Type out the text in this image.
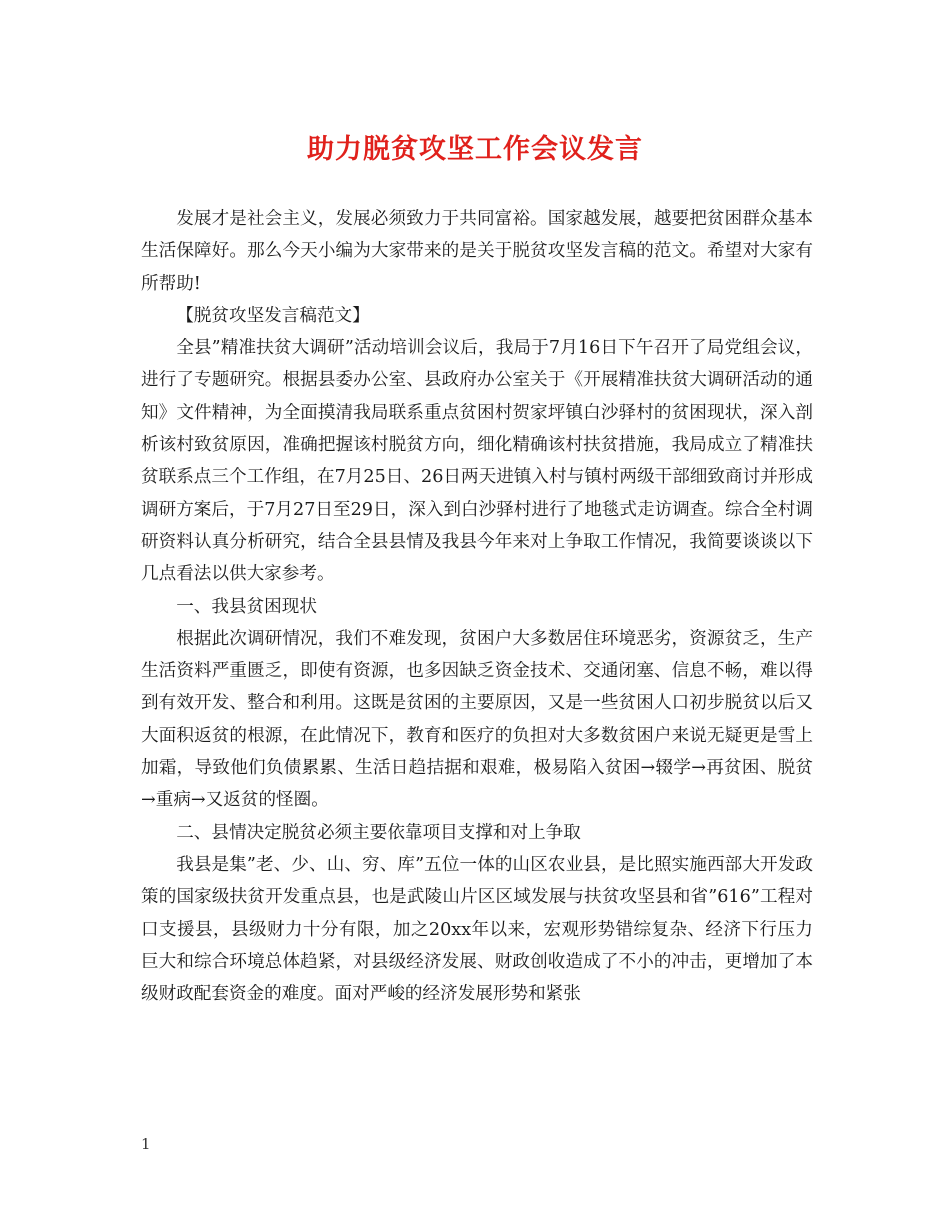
助力脱贫攻坚工作会议发言

发展才是社会主义，发展必须致力于共同富裕。国家越发展，越要把贫困群众基本生活保障好。那么今天小编为大家带来的是关于脱贫攻坚发言稿的范文。希望对大家有所帮助!

【脱贫攻坚发言稿范文】

全县”精准扶贫大调研”活动培训会议后，我局于7月16日下午召开了局党组会议，进行了专题研究。根据县委办公室、县政府办公室关于《开展精准扶贫大调研活动的通知》文件精神，为全面摸清我局联系重点贫困村贺家坪镇白沙驿村的贫困现状，深入剖析该村致贫原因，准确把握该村脱贫方向，细化精确该村扶贫措施，我局成立了精准扶贫联系点三个工作组，在7月25日、26日两天进镇入村与镇村两级干部细致商讨并形成调研方案后，于7月27日至29日，深入到白沙驿村进行了地毯式走访调查。综合全村调研资料认真分析研究，结合全县县情及我县今年来对上争取工作情况，我简要谈谈以下几点看法以供大家参考。

一、我县贫困现状

根据此次调研情况，我们不难发现，贫困户大多数居住环境恶劣，资源贫乏，生产生活资料严重匮乏，即使有资源，也多因缺乏资金技术、交通闭塞、信息不畅，难以得到有效开发、整合和利用。这既是贫困的主要原因，又是一些贫困人口初步脱贫以后又大面积返贫的根源，在此情况下，教育和医疗的负担对大多数贫困户来说无疑更是雪上加霜，导致他们负债累累、生活日趋拮据和艰难，极易陷入贫困→辍学→再贫困、脱贫→重病→又返贫的怪圈。

二、县情决定脱贫必须主要依靠项目支撑和对上争取

我县是集”老、少、山、穷、库”五位一体的山区农业县，是比照实施西部大开发政策的国家级扶贫开发重点县，也是武陵山片区区域发展与扶贫攻坚县和省”616”工程对口支援县，县级财力十分有限，加之20xx年以来，宏观形势错综复杂、经济下行压力巨大和综合环境总体趋紧，对县级经济发展、财政创收造成了不小的冲击，更增加了本级财政配套资金的难度。面对严峻的经济发展形势和紧张

1
